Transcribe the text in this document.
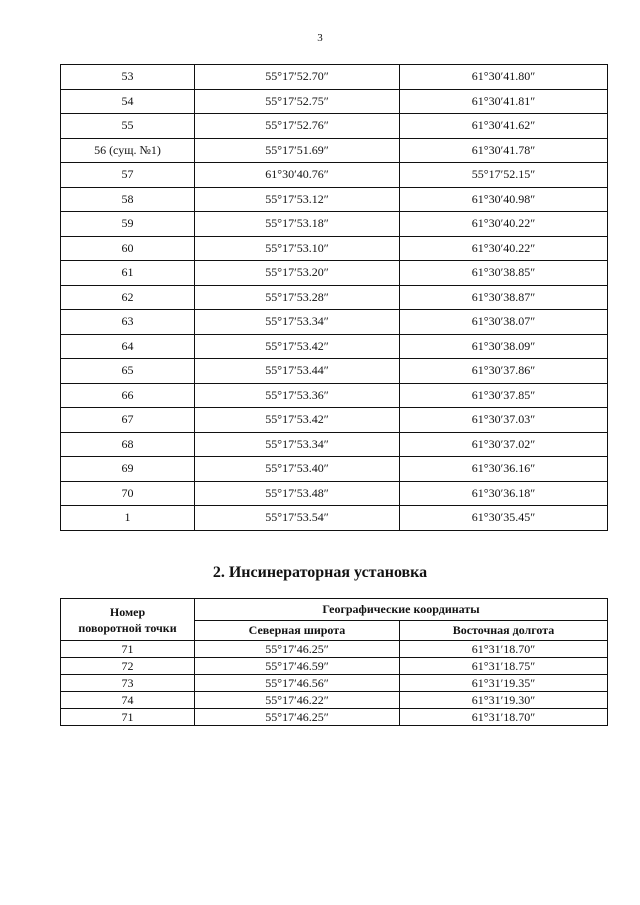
3
53	55°17′52.70″	61°30′41.80″
54	55°17′52.75″	61°30′41.81″
55	55°17′52.76″	61°30′41.62″
56 (сущ. №1)	55°17′51.69″	61°30′41.78″
57	61°30′40.76″	55°17′52.15″
58	55°17′53.12″	61°30′40.98″
59	55°17′53.18″	61°30′40.22″
60	55°17′53.10″	61°30′40.22″
61	55°17′53.20″	61°30′38.85″
62	55°17′53.28″	61°30′38.87″
63	55°17′53.34″	61°30′38.07″
64	55°17′53.42″	61°30′38.09″
65	55°17′53.44″	61°30′37.86″
66	55°17′53.36″	61°30′37.85″
67	55°17′53.42″	61°30′37.03″
68	55°17′53.34″	61°30′37.02″
69	55°17′53.40″	61°30′36.16″
70	55°17′53.48″	61°30′36.18″
1	55°17′53.54″	61°30′35.45″
2. Инсинераторная установка
Номер
поворотной точки	Географические координаты	
	Северная широта	Восточная долгота
71	55°17′46.25″	61°31′18.70″
72	55°17′46.59″	61°31′18.75″
73	55°17′46.56″	61°31′19.35″
74	55°17′46.22″	61°31′19.30″
71	55°17′46.25″	61°31′18.70″
